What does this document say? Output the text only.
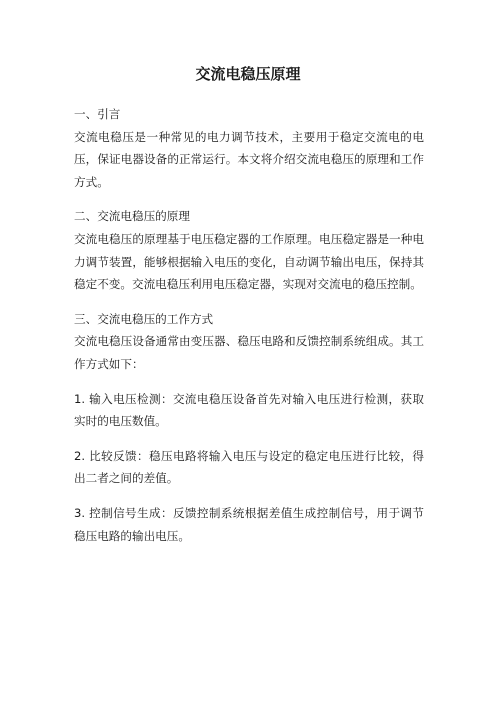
交流电稳压原理
一、引言

交流电稳压是一种常见的电力调节技术，主要用于稳定交流电的电压，保证电器设备的正常运行。本文将介绍交流电稳压的原理和工作方式。

二、交流电稳压的原理

交流电稳压的原理基于电压稳定器的工作原理。电压稳定器是一种电力调节装置，能够根据输入电压的变化，自动调节输出电压，保持其稳定不变。交流电稳压利用电压稳定器，实现对交流电的稳压控制。

三、交流电稳压的工作方式

交流电稳压设备通常由变压器、稳压电路和反馈控制系统组成。其工作方式如下：

1. 输入电压检测：交流电稳压设备首先对输入电压进行检测，获取实时的电压数值。

2. 比较反馈：稳压电路将输入电压与设定的稳定电压进行比较，得出二者之间的差值。

3. 控制信号生成：反馈控制系统根据差值生成控制信号，用于调节稳压电路的输出电压。
